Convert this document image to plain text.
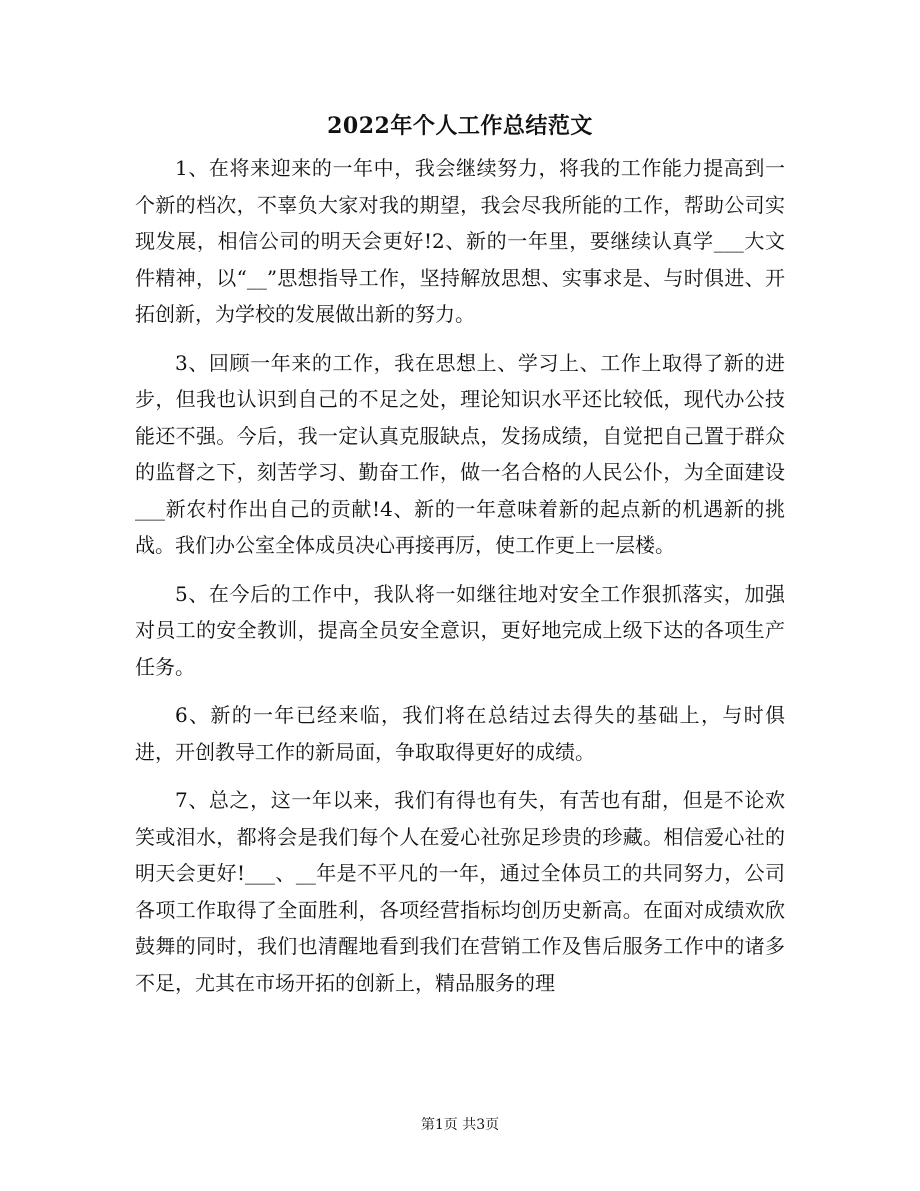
2022年个人工作总结范文

1、在将来迎来的一年中，我会继续努力，将我的工作能力提高到一个新的档次，不辜负大家对我的期望，我会尽我所能的工作，帮助公司实现发展，相信公司的明天会更好!2、新的一年里，要继续认真学___大文件精神，以“__”思想指导工作，坚持解放思想、实事求是、与时俱进、开拓创新，为学校的发展做出新的努力。

3、回顾一年来的工作，我在思想上、学习上、工作上取得了新的进步，但我也认识到自己的不足之处，理论知识水平还比较低，现代办公技能还不强。今后，我一定认真克服缺点，发扬成绩，自觉把自己置于群众的监督之下，刻苦学习、勤奋工作，做一名合格的人民公仆，为全面建设___新农村作出自己的贡献!4、新的一年意味着新的起点新的机遇新的挑战。我们办公室全体成员决心再接再厉，使工作更上一层楼。

5、在今后的工作中，我队将一如继往地对安全工作狠抓落实，加强对员工的安全教训，提高全员安全意识，更好地完成上级下达的各项生产任务。

6、新的一年已经来临，我们将在总结过去得失的基础上，与时俱进，开创教导工作的新局面，争取取得更好的成绩。

7、总之，这一年以来，我们有得也有失，有苦也有甜，但是不论欢笑或泪水，都将会是我们每个人在爱心社弥足珍贵的珍藏。相信爱心社的明天会更好!___、__年是不平凡的一年，通过全体员工的共同努力，公司各项工作取得了全面胜利，各项经营指标均创历史新高。在面对成绩欢欣鼓舞的同时，我们也清醒地看到我们在营销工作及售后服务工作中的诸多不足，尤其在市场开拓的创新上，精品服务的理

第1页 共3页
